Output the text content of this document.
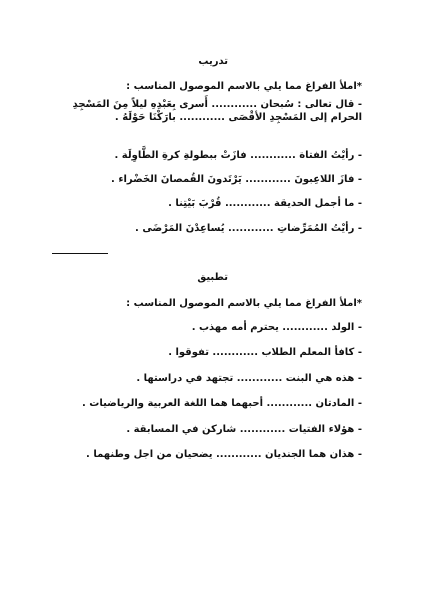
تدريب
*املأ الفراغ مما يلي بالاسم الموصول المناسب :
- قال تعالى : سُبحان ............ أَسرى بِعَبْدِهِ ليلاً مِنَ المَسْجِدِ الحرام إلى المَسْجِدِ الأقْصَى ............ بارَكْنَا حَوْلَهُ .
- رأيْتُ الفتاة ............ فازَتْ ببطولةِ كرةِ الطَّاوِلَة .
- فازَ اللاعِبونَ ............ يَرْتَدونَ القُمصانَ الخَضْراء .
- ما أجمل الحديقة ............ قُرْبَ بَيْتِنا .
- رأيْتُ المُمَرِّضاتِ ............ يُساعِدْنَ المَرْضَى .
تطبيق
*املأ الفراغ مما يلي بالاسم الموصول المناسب :
- الولد ............ يحترم أمه مهذب .
- كافأ المعلم الطلاب ............ تفوقوا .
- هذه هي البنت ............ تجتهد في دراستها .
- المادتان ............ أحبهما هما اللغة العربية والرياضيات .
- هؤلاء الفتيات ............ شاركن في المسابقة .
- هذان هما الجنديان ............ يضحيان من اجل وطنهما .
